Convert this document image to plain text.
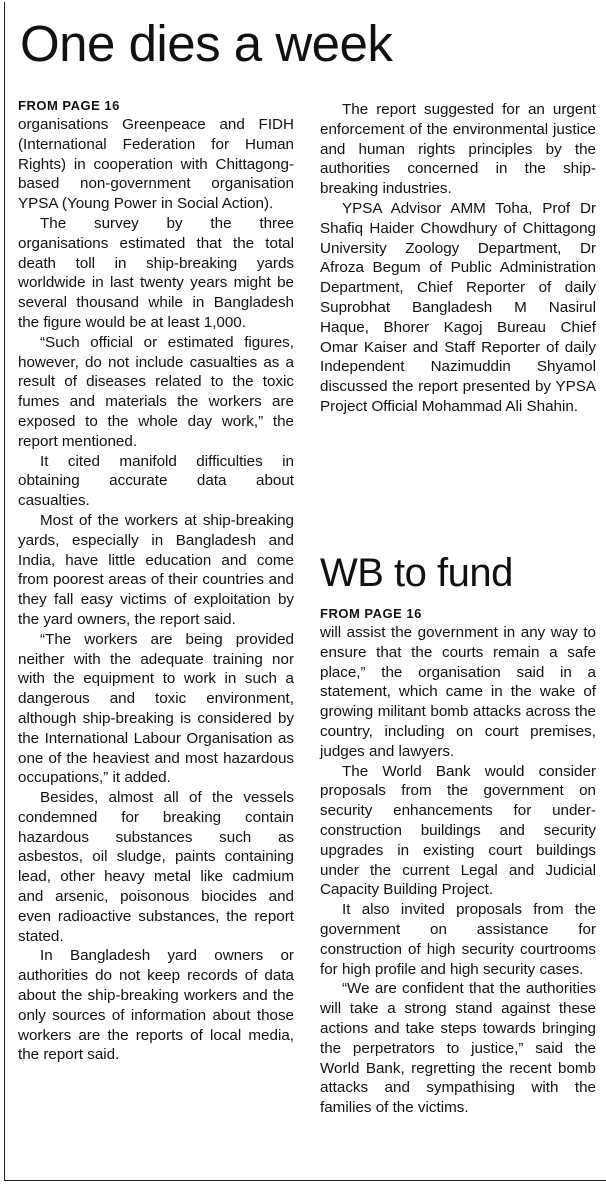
One dies a week

FROM PAGE 16

organisations Greenpeace and FIDH (International Federation for Human Rights) in cooperation with Chittagong-based non-government organisation YPSA (Young Power in Social Action).

The survey by the three organisations estimated that the total death toll in ship-breaking yards worldwide in last twenty years might be several thousand while in Bangladesh the figure would be at least 1,000.

“Such official or estimated figures, however, do not include casualties as a result of diseases related to the toxic fumes and materials the workers are exposed to the whole day work,” the report mentioned.

It cited manifold difficulties in obtaining accurate data about casualties.

Most of the workers at ship-breaking yards, especially in Bangladesh and India, have little education and come from poorest areas of their countries and they fall easy victims of exploitation by the yard owners, the report said.

“The workers are being provided neither with the adequate training nor with the equipment to work in such a dangerous and toxic environment, although ship-breaking is considered by the International Labour Organisation as one of the heaviest and most hazardous occupations,” it added.

Besides, almost all of the vessels condemned for breaking contain hazardous substances such as asbestos, oil sludge, paints containing lead, other heavy metal like cadmium and arsenic, poisonous biocides and even radioactive substances, the report stated.

In Bangladesh yard owners or authorities do not keep records of data about the ship-breaking workers and the only sources of information about those workers are the reports of local media, the report said.

The report suggested for an urgent enforcement of the environmental justice and human rights principles by the authorities concerned in the ship-breaking industries.

YPSA Advisor AMM Toha, Prof Dr Shafiq Haider Chowdhury of Chittagong University Zoology Department, Dr Afroza Begum of Public Administration Department, Chief Reporter of daily Suprobhat Bangladesh M Nasirul Haque, Bhorer Kagoj Bureau Chief Omar Kaiser and Staff Reporter of daily Independent Nazimuddin Shyamol discussed the report presented by YPSA Project Official Mohammad Ali Shahin.

WB to fund

FROM PAGE 16

will assist the government in any way to ensure that the courts remain a safe place,” the organisation said in a statement, which came in the wake of growing militant bomb attacks across the country, including on court premises, judges and lawyers.

The World Bank would consider proposals from the government on security enhancements for under-construction buildings and security upgrades in existing court buildings under the current Legal and Judicial Capacity Building Project.

It also invited proposals from the government on assistance for construction of high security courtrooms for high profile and high security cases.

“We are confident that the authorities will take a strong stand against these actions and take steps towards bringing the perpetrators to justice,” said the World Bank, regretting the recent bomb attacks and sympathising with the families of the victims.
